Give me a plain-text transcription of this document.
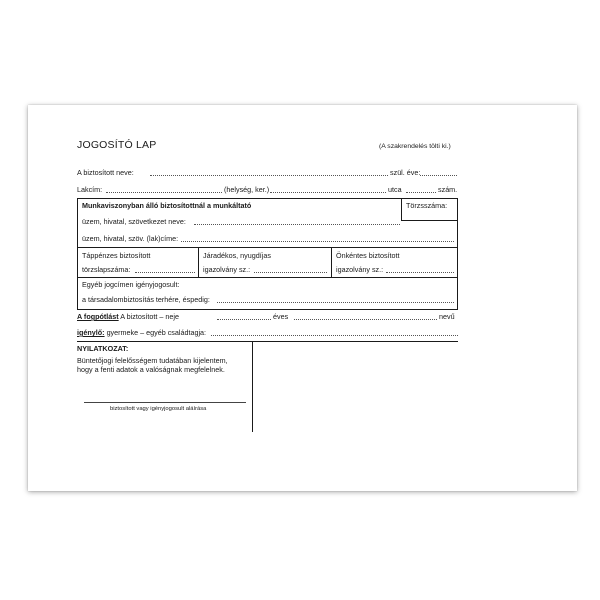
JOGOSÍTÓ LAP	(A szakrendelés tölti ki.)
A biztosított neve:	szül. éve:
Lakcím:	(helység, ker.)	utca	szám.
Munkaviszonyban álló biztosítottnál a munkáltató	Törzsszáma:
üzem, hivatal, szövetkezet neve:
üzem, hivatal, szöv. (lak)címe:
Táppénzes biztosított
törzslapszáma:
Járadékos, nyugdíjas
igazolvány sz.:
Önkéntes biztosított
igazolvány sz.:
Egyéb jogcímen igényjogosult:
a társadalombiztosítás terhére, éspedig:
A fogpótlást A biztosított – neje	éves	nevű
igénylő: gyermeke – egyéb családtagja:
NYILATKOZAT:
Büntetőjogi felelősségem tudatában kijelentem,
hogy a fenti adatok a valóságnak megfelelnek.
biztosított vagy igényjogosult aláírása
